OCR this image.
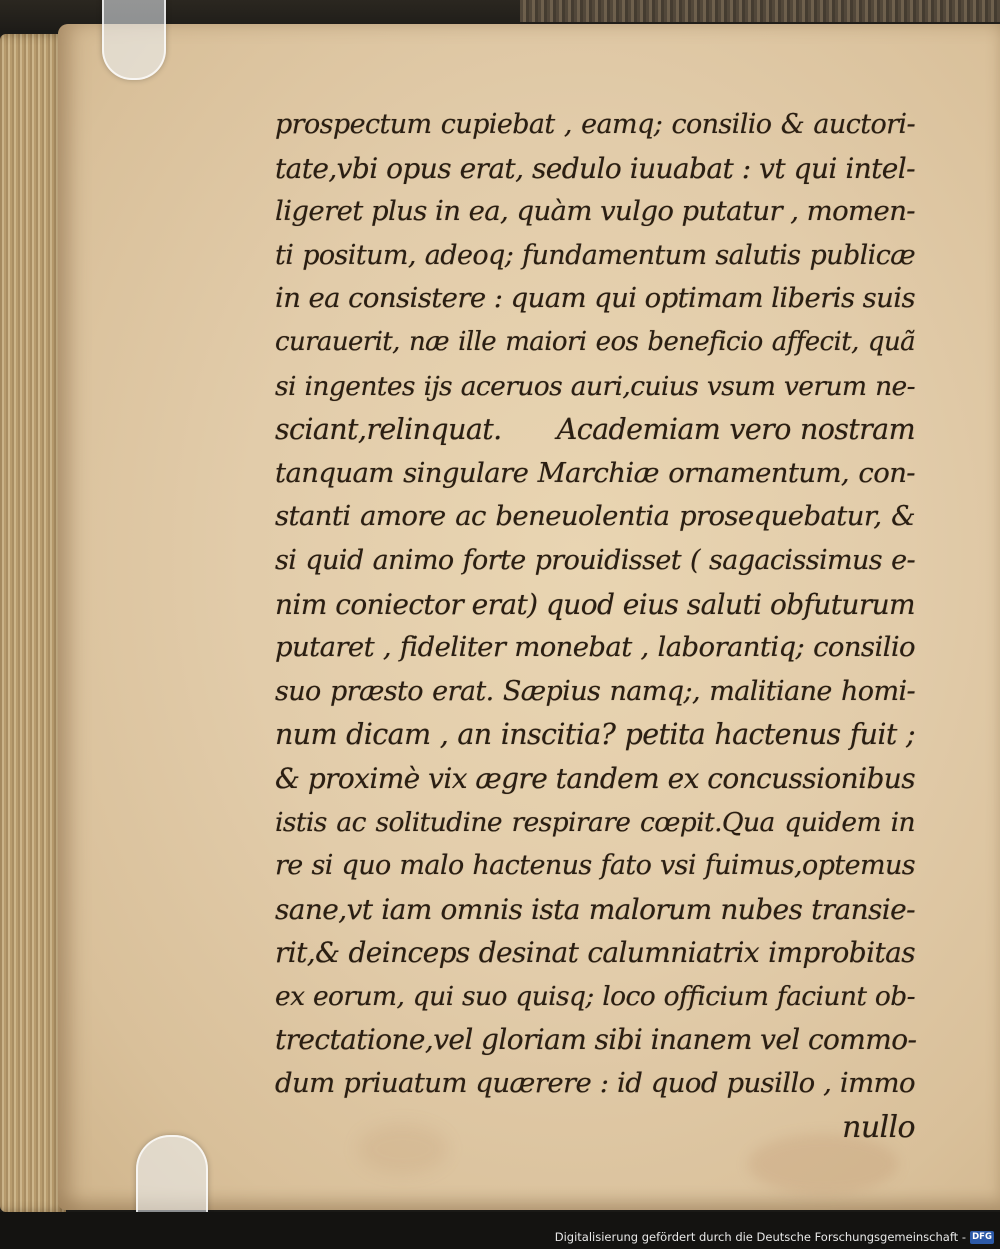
prospectum cupiebat , eamq; consilio & auctori-
tate,vbi opus erat, sedulo iuuabat : vt qui intel-
ligeret plus in ea, quàm vulgo putatur , momen-
ti positum, adeoq; fundamentum salutis publicæ
in ea consistere : quam qui optimam liberis suis
curauerit, næ ille maiori eos beneficio affecit, quã
si ingentes ijs aceruos auri,cuius vsum verum ne-
sciant,relinquat.      Academiam vero nostram
tanquam singulare Marchiæ ornamentum, con-
stanti amore ac beneuolentia prosequebatur, &
si quid animo forte prouidisset ( sagacissimus e-
nim coniector erat) quod eius saluti obfuturum
putaret , fideliter monebat , laborantiq; consilio
suo præsto erat. Sæpius namq;, malitiane homi-
num dicam , an inscitia? petita hactenus fuit ;
& proximè vix ægre tandem ex concussionibus
istis ac solitudine respirare cœpit.Qua quidem in
re si quo malo hactenus fato vsi fuimus,optemus
sane,vt iam omnis ista malorum nubes transie-
rit,& deinceps desinat calumniatrix improbitas
ex eorum, qui suo quisq; loco officium faciunt ob-
trectatione,vel gloriam sibi inanem vel commo-
dum priuatum quærere : id quod pusillo , immo
nullo
Digitalisierung gefördert durch die Deutsche Forschungsgemeinschaft - DFG
